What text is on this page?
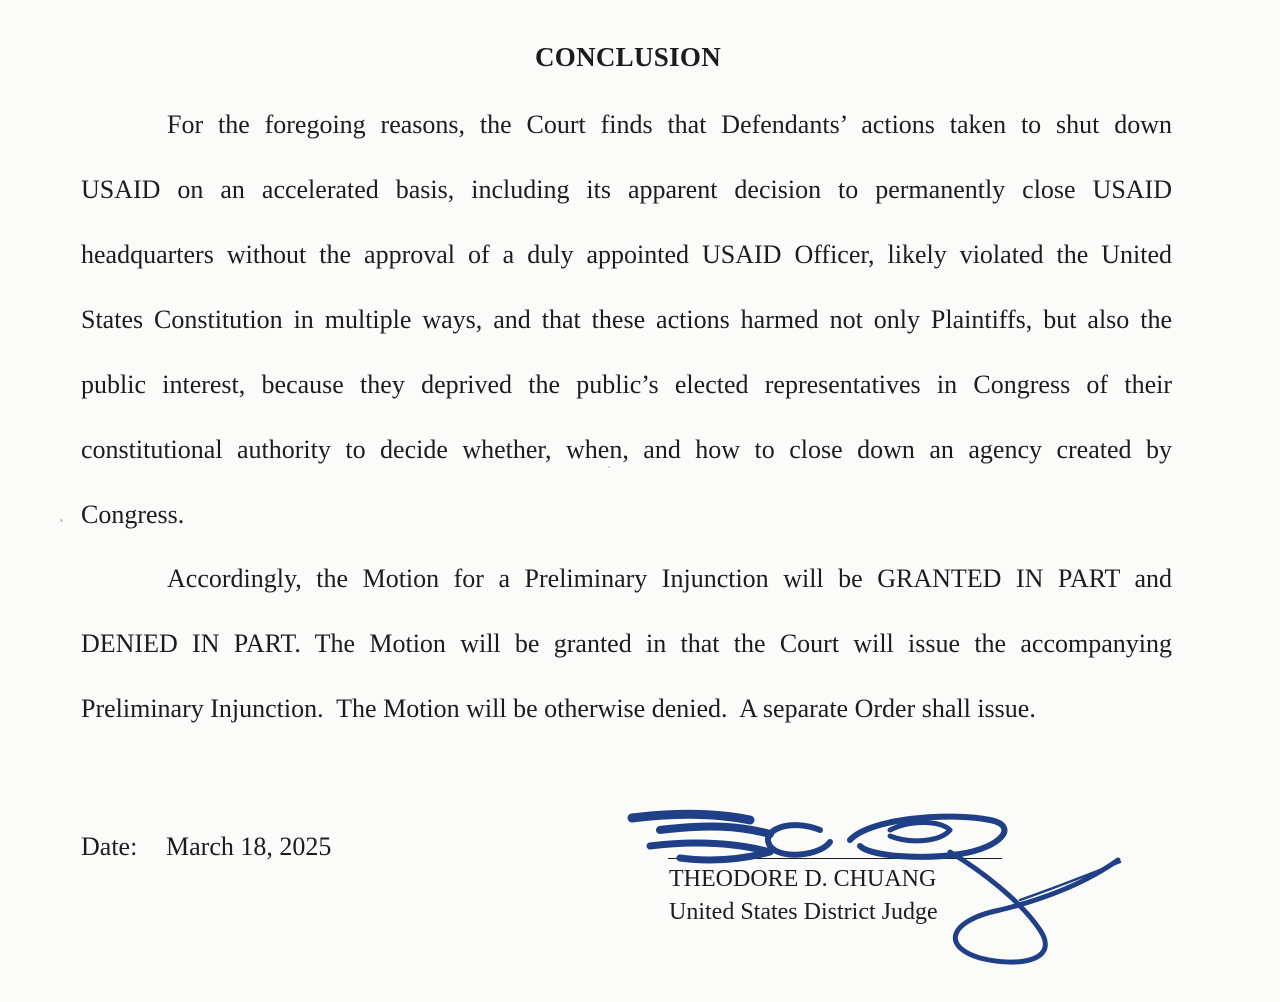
CONCLUSION
For the foregoing reasons, the Court finds that Defendants’ actions taken to shut down
USAID on an accelerated basis, including its apparent decision to permanently close USAID
headquarters without the approval of a duly appointed USAID Officer, likely violated the United
States Constitution in multiple ways, and that these actions harmed not only Plaintiffs, but also the
public interest, because they deprived the public’s elected representatives in Congress of their
constitutional authority to decide whether, when, and how to close down an agency created by
Congress.
Accordingly, the Motion for a Preliminary Injunction will be GRANTED IN PART and
DENIED IN PART. The Motion will be granted in that the Court will issue the accompanying
Preliminary Injunction.  The Motion will be otherwise denied.  A separate Order shall issue.
Date: March 18, 2025
THEODORE D. CHUANG
United States District Judge
